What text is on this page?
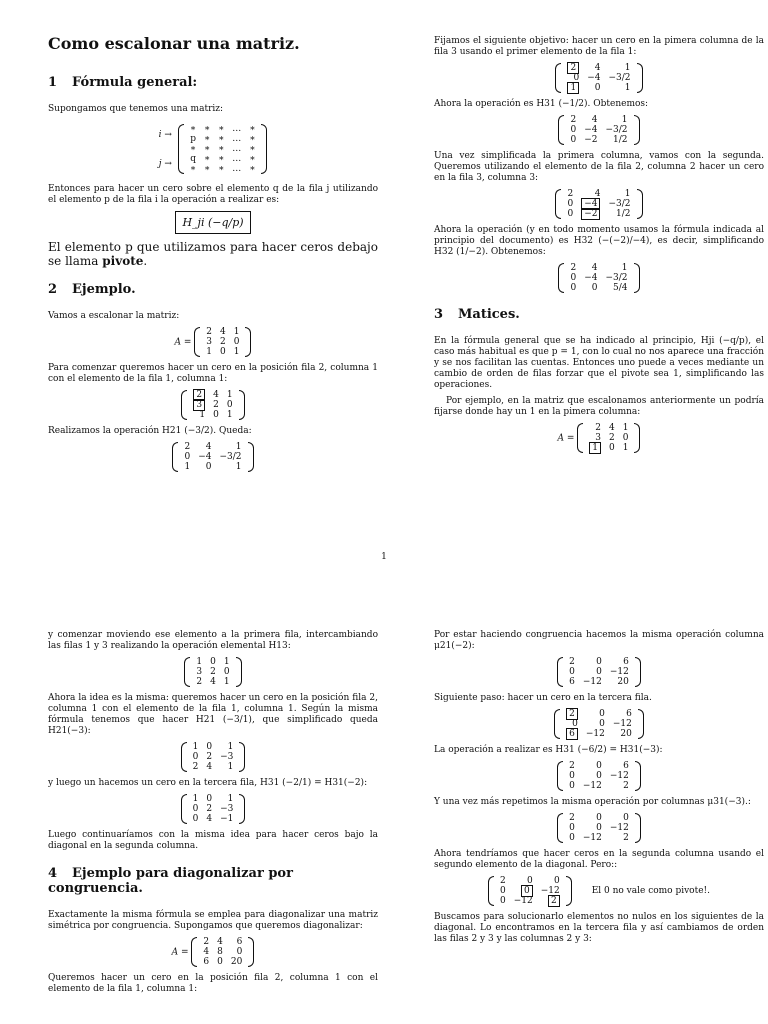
Como escalonar una matriz.
1 Fórmula general:

Supongamos que tenemos una matriz:

i →
j →

∗	∗	∗	…	∗
p	∗	∗	…	∗
∗	∗	∗	…	∗
q	∗	∗	…	∗
∗	∗	∗	…	∗

Entonces para hacer un cero sobre el elemento q de la fila j utilizando el elemento p de la fila i la operación a realizar es:

H_ji (−q/p)

El elemento p que utilizamos para hacer ceros debajo se llama pivote.

2 Ejemplo.

Vamos a escalonar la matriz:

A =
2	4	1
3	2	0
1	0	1

Para comenzar queremos hacer un cero en la posición fila 2, columna 1 con el elemento de la fila 1, columna 1:

2	4	1
3	2	0
1	0	1

Realizamos la operación H21 (−3/2). Queda:

2	4	1
0	−4	−3/2
1	0	1

Fijamos el siguiente objetivo: hacer un cero en la pimera columna de la fila 3 usando el primer elemento de la fila 1:

2	4	1
0	−4	−3/2
1	0	1

Ahora la operación es H31 (−1/2). Obtenemos:

2	4	1
0	−4	−3/2
0	−2	1/2

Una vez simplificada la primera columna, vamos con la segunda. Queremos utilizando el elemento de la fila 2, columna 2 hacer un cero en la fila 3, columna 3:

2	4	1
0	−4	−3/2
0	−2	1/2

Ahora la operación (y en todo momento usamos la fórmula indicada al principio del documento) es H32 (−(−2)/−4), es decir, simplificando H32 (1/−2). Obtenemos:

2	4	1
0	−4	−3/2
0	0	5/4
3 Matices.

En la fórmula general que se ha indicado al principio, Hji (−q/p), el caso más habitual es que p = 1, con lo cual no nos aparece una fracción y se nos facilitan las cuentas. Entonces uno puede a veces mediante un cambio de orden de filas forzar que el pivote sea 1, simplificando las operaciones.

Por ejemplo, en la matriz que escalonamos anteriormente un podría fijarse donde hay un 1 en la pimera columna:

A =
2	4	1
3	2	0
1	0	1
1

y comenzar moviendo ese elemento a la primera fila, intercambiando las filas 1 y 3 realizando la operación elemental H13:

1	0	1
3	2	0
2	4	1

Ahora la idea es la misma: queremos hacer un cero en la posición fila 2, columna 1 con el elemento de la fila 1, columna 1. Según la misma fórmula tenemos que hacer H21 (−3/1), que simplificado queda H21(−3):

1	0	1
0	2	−3
2	4	1

y luego un hacemos un cero en la tercera fila, H31 (−2/1) = H31(−2):

1	0	1
0	2	−3
0	4	−1

Luego continuaríamos con la misma idea para hacer ceros bajo la diagonal en la segunda columna.

4 Ejemplo para diagonalizar por congruencia.

Exactamente la misma fórmula se emplea para diagonalizar una matriz simétrica por congruencia. Supongamos que queremos diagonalizar:

A =
2	4	6
4	8	0
6	0	20

Queremos hacer un cero en la posición fila 2, columna 1 con el elemento de la fila 1, columna 1:

Por estar haciendo congruencia hacemos la misma operación columna μ21(−2):

2	0	6
0	0	−12
6	−12	20

Siguiente paso: hacer un cero en la tercera fila.

2	0	6
0	0	−12
6	−12	20

La operación a realizar es H31 (−6/2) = H31(−3):

2	0	6
0	0	−12
0	−12	2

Y una vez más repetimos la misma operación por columnas μ31(−3).:

2	0	0
0	0	−12
0	−12	2

Ahora tendríamos que hacer ceros en la segunda columna usando el segundo elemento de la diagonal. Pero::

2	0	0
0	0	−12
0	−12	2
El 0 no vale como pivote!.

Buscamos para solucionarlo elementos no nulos en los siguientes de la diagonal. Lo encontramos en la tercera fila y así cambiamos de orden las filas 2 y 3 y las columnas 2 y 3:
